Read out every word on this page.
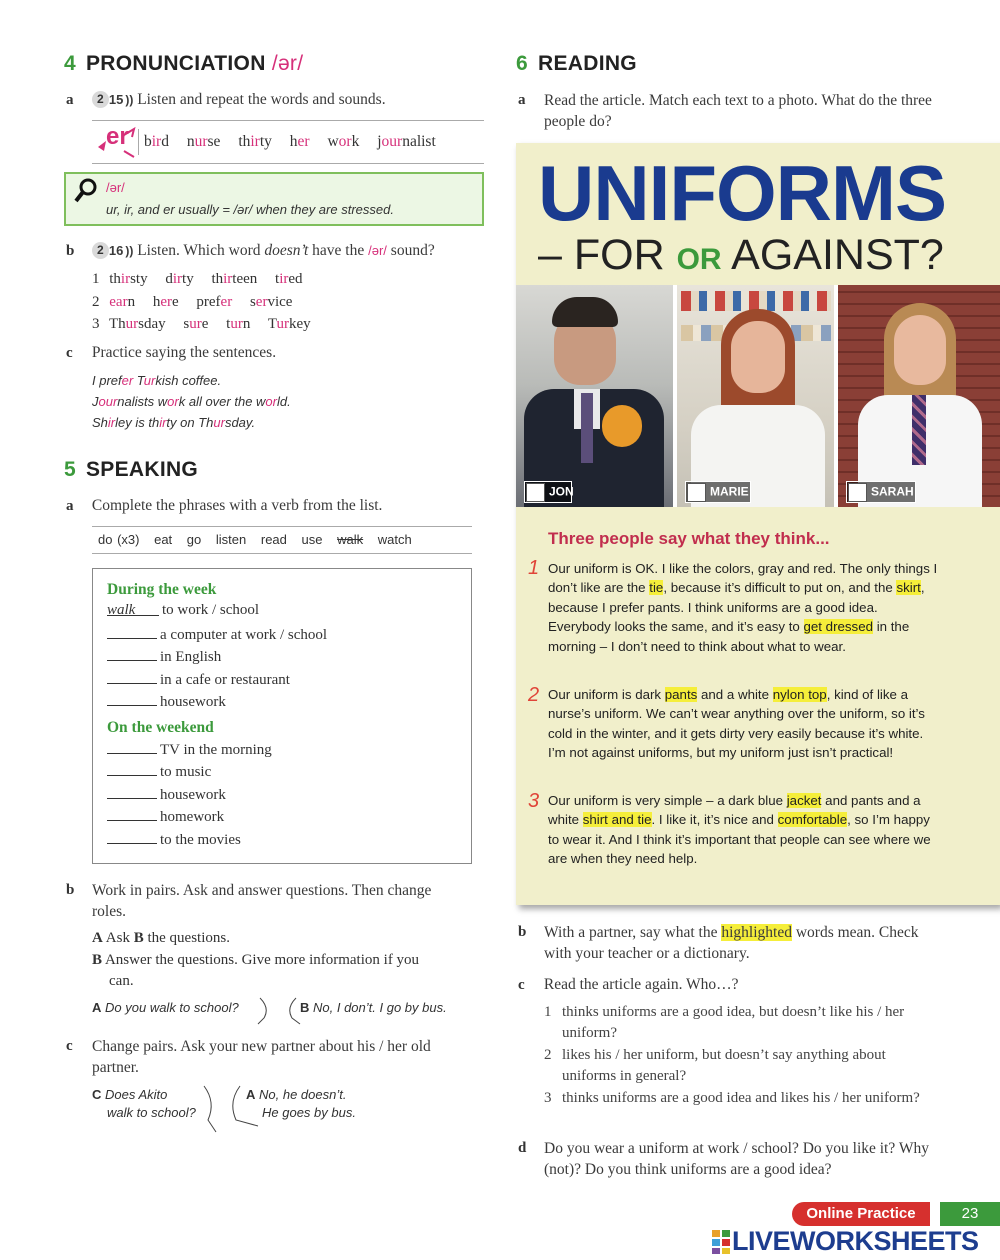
4 PRONUNCIATION /ər/
a 2 15 )) Listen and repeat the words and sounds.
er bird nurse thirty her work journalist
/ər/
ur, ir, and er usually = /ər/ when they are stressed.
b 2 16 )) Listen. Which word doesn’t have the /ər/ sound?
1 thirsty dirty thirteen tired
2 earn here prefer service
3 Thursday sure turn Turkey
c Practice saying the sentences.
I prefer Turkish coffee.
Journalists work all over the world.
Shirley is thirty on Thursday.
5 SPEAKING
a Complete the phrases with a verb from the list.
do (x3) eat go listen read use walk watch
During the week
walk to work / school
a computer at work / school
in English
in a cafe or restaurant
housework
On the weekend
TV in the morning
to music
housework
homework
to the movies
b	Work in pairs. Ask and answer questions. Then change roles.
A Ask B the questions.
B Answer the questions. Give more information if you can.
A Do you walk to school?	B No, I don’t. I go by bus.
c	Change pairs. Ask your new partner about his / her old partner.
C Does Akito
walk to school?
A No, he doesn’t.
He goes by bus.
6 READING
a	Read the article. Match each text to a photo. What do the three people do?
UNIFORMS
– FOR OR AGAINST?
JON	MARIE	SARAH
Three people say what they think...
1 Our uniform is OK. I like the colors, gray and red. The only things I don’t like are the tie, because it’s difficult to put on, and the skirt, because I prefer pants. I think uniforms are a good idea. Everybody looks the same, and it’s easy to get dressed in the morning – I don’t need to think about what to wear.
2 Our uniform is dark pants and a white nylon top, kind of like a nurse’s uniform. We can’t wear anything over the uniform, so it’s cold in the winter, and it gets dirty very easily because it’s white. I’m not against uniforms, but my uniform just isn’t practical!
3 Our uniform is very simple – a dark blue jacket and pants and a white shirt and tie. I like it, it’s nice and comfortable, so I’m happy to wear it. And I think it’s important that people can see where we are when they need help.
b	With a partner, say what the highlighted words mean. Check with your teacher or a dictionary.
c Read the article again. Who…?
1 thinks uniforms are a good idea, but doesn’t like his / her uniform?
2 likes his / her uniform, but doesn’t say anything about uniforms in general?
3 thinks uniforms are a good idea and likes his / her uniform?
d	Do you wear a uniform at work / school? Do you like it? Why (not)? Do you think uniforms are a good idea?
Online Practice	23
LIVEWORKSHEETS
